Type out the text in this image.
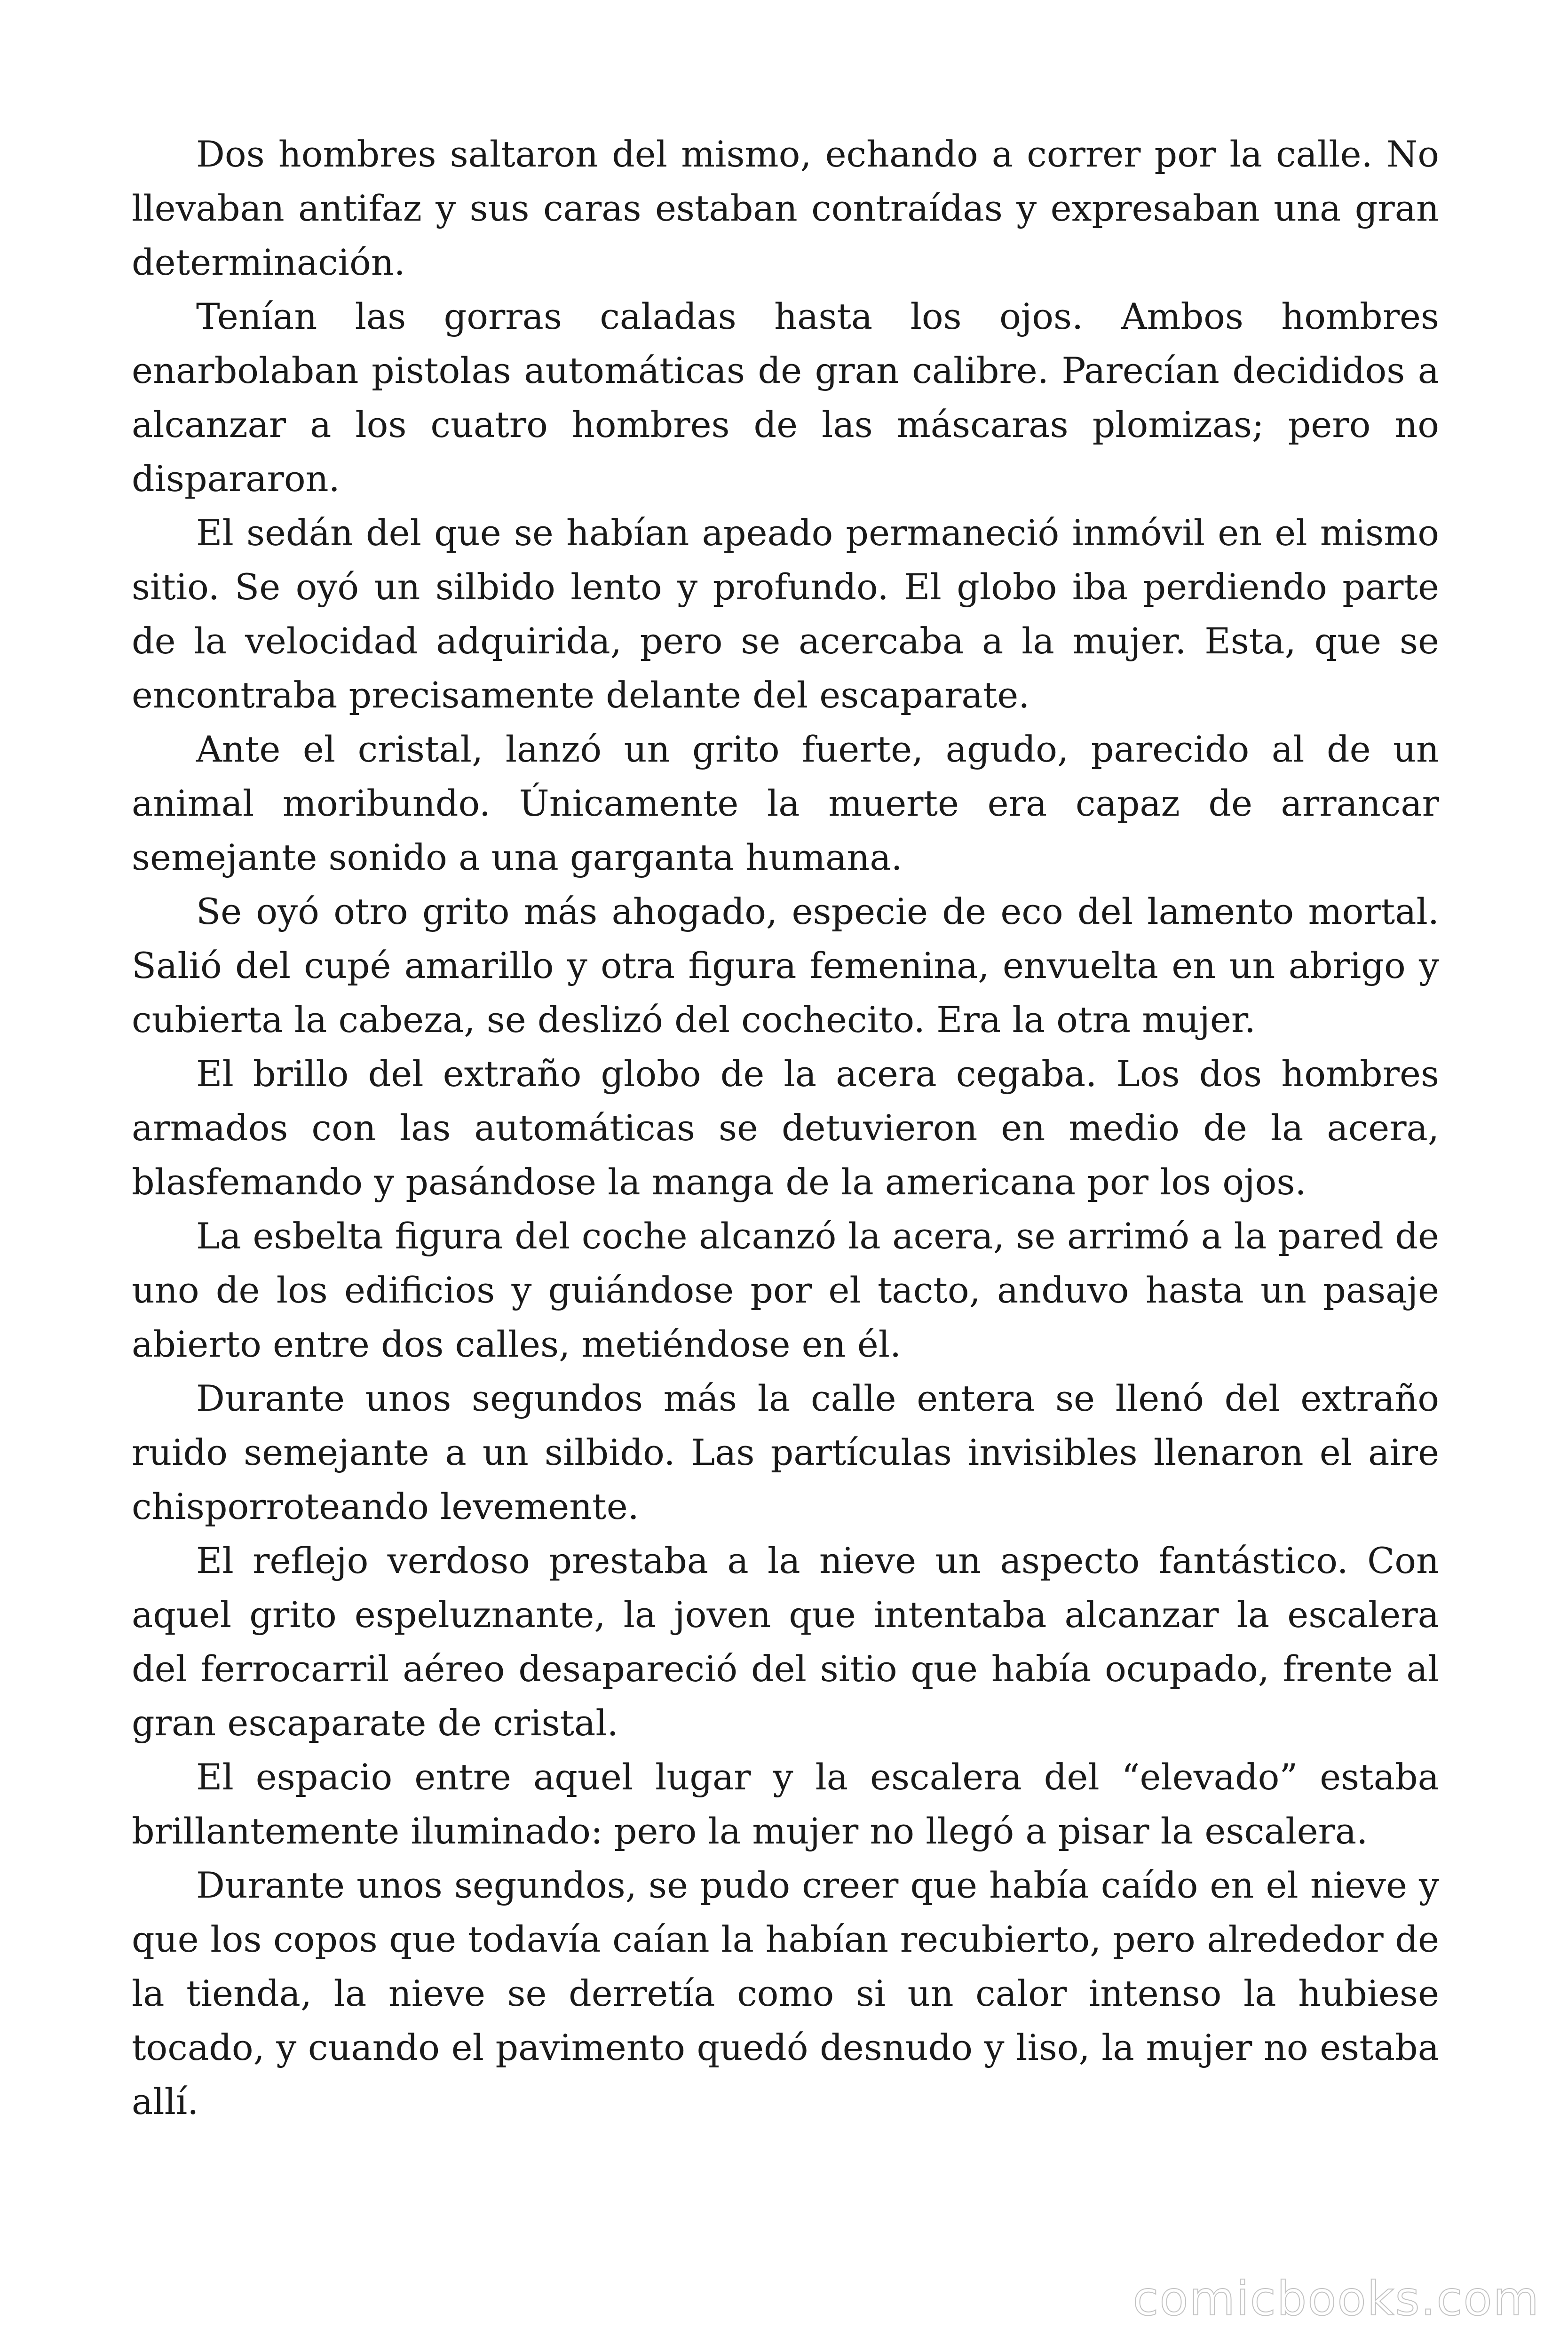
Dos hombres saltaron del mismo, echando a correr por la calle. No llevaban antifaz y sus caras estaban contraídas y expresaban una gran determinación.

Tenían las gorras caladas hasta los ojos. Ambos hombres enarbolaban pistolas automáticas de gran calibre. Parecían decididos a alcanzar a los cuatro hombres de las máscaras plomizas; pero no dispararon.

El sedán del que se habían apeado permaneció inmóvil en el mismo sitio. Se oyó un silbido lento y profundo. El globo iba perdiendo parte de la velocidad adquirida, pero se acercaba a la mujer. Esta, que se encontraba precisamente delante del escaparate.

Ante el cristal, lanzó un grito fuerte, agudo, parecido al de un animal moribundo. Únicamente la muerte era capaz de arrancar semejante sonido a una garganta humana.

Se oyó otro grito más ahogado, especie de eco del lamento mortal. Salió del cupé amarillo y otra figura femenina, envuelta en un abrigo y cubierta la cabeza, se deslizó del cochecito. Era la otra mujer.

El brillo del extraño globo de la acera cegaba. Los dos hombres armados con las automáticas se detuvieron en medio de la acera, blasfemando y pasándose la manga de la americana por los ojos.

La esbelta figura del coche alcanzó la acera, se arrimó a la pared de uno de los edificios y guiándose por el tacto, anduvo hasta un pasaje abierto entre dos calles, metiéndose en él.

Durante unos segundos más la calle entera se llenó del extraño ruido semejante a un silbido. Las partículas invisibles llenaron el aire chisporroteando levemente.

El reflejo verdoso prestaba a la nieve un aspecto fantástico. Con aquel grito espeluznante, la joven que intentaba alcanzar la escalera del ferrocarril aéreo desapareció del sitio que había ocupado, frente al gran escaparate de cristal.

El espacio entre aquel lugar y la escalera del “elevado” estaba brillantemente iluminado: pero la mujer no llegó a pisar la escalera.

Durante unos segundos, se pudo creer que había caído en el nieve y que los copos que todavía caían la habían recubierto, pero alrededor de la tienda, la nieve se derretía como si un calor intenso la hubiese tocado, y cuando el pavimento quedó desnudo y liso, la mujer no estaba allí.

comicbooks.com
